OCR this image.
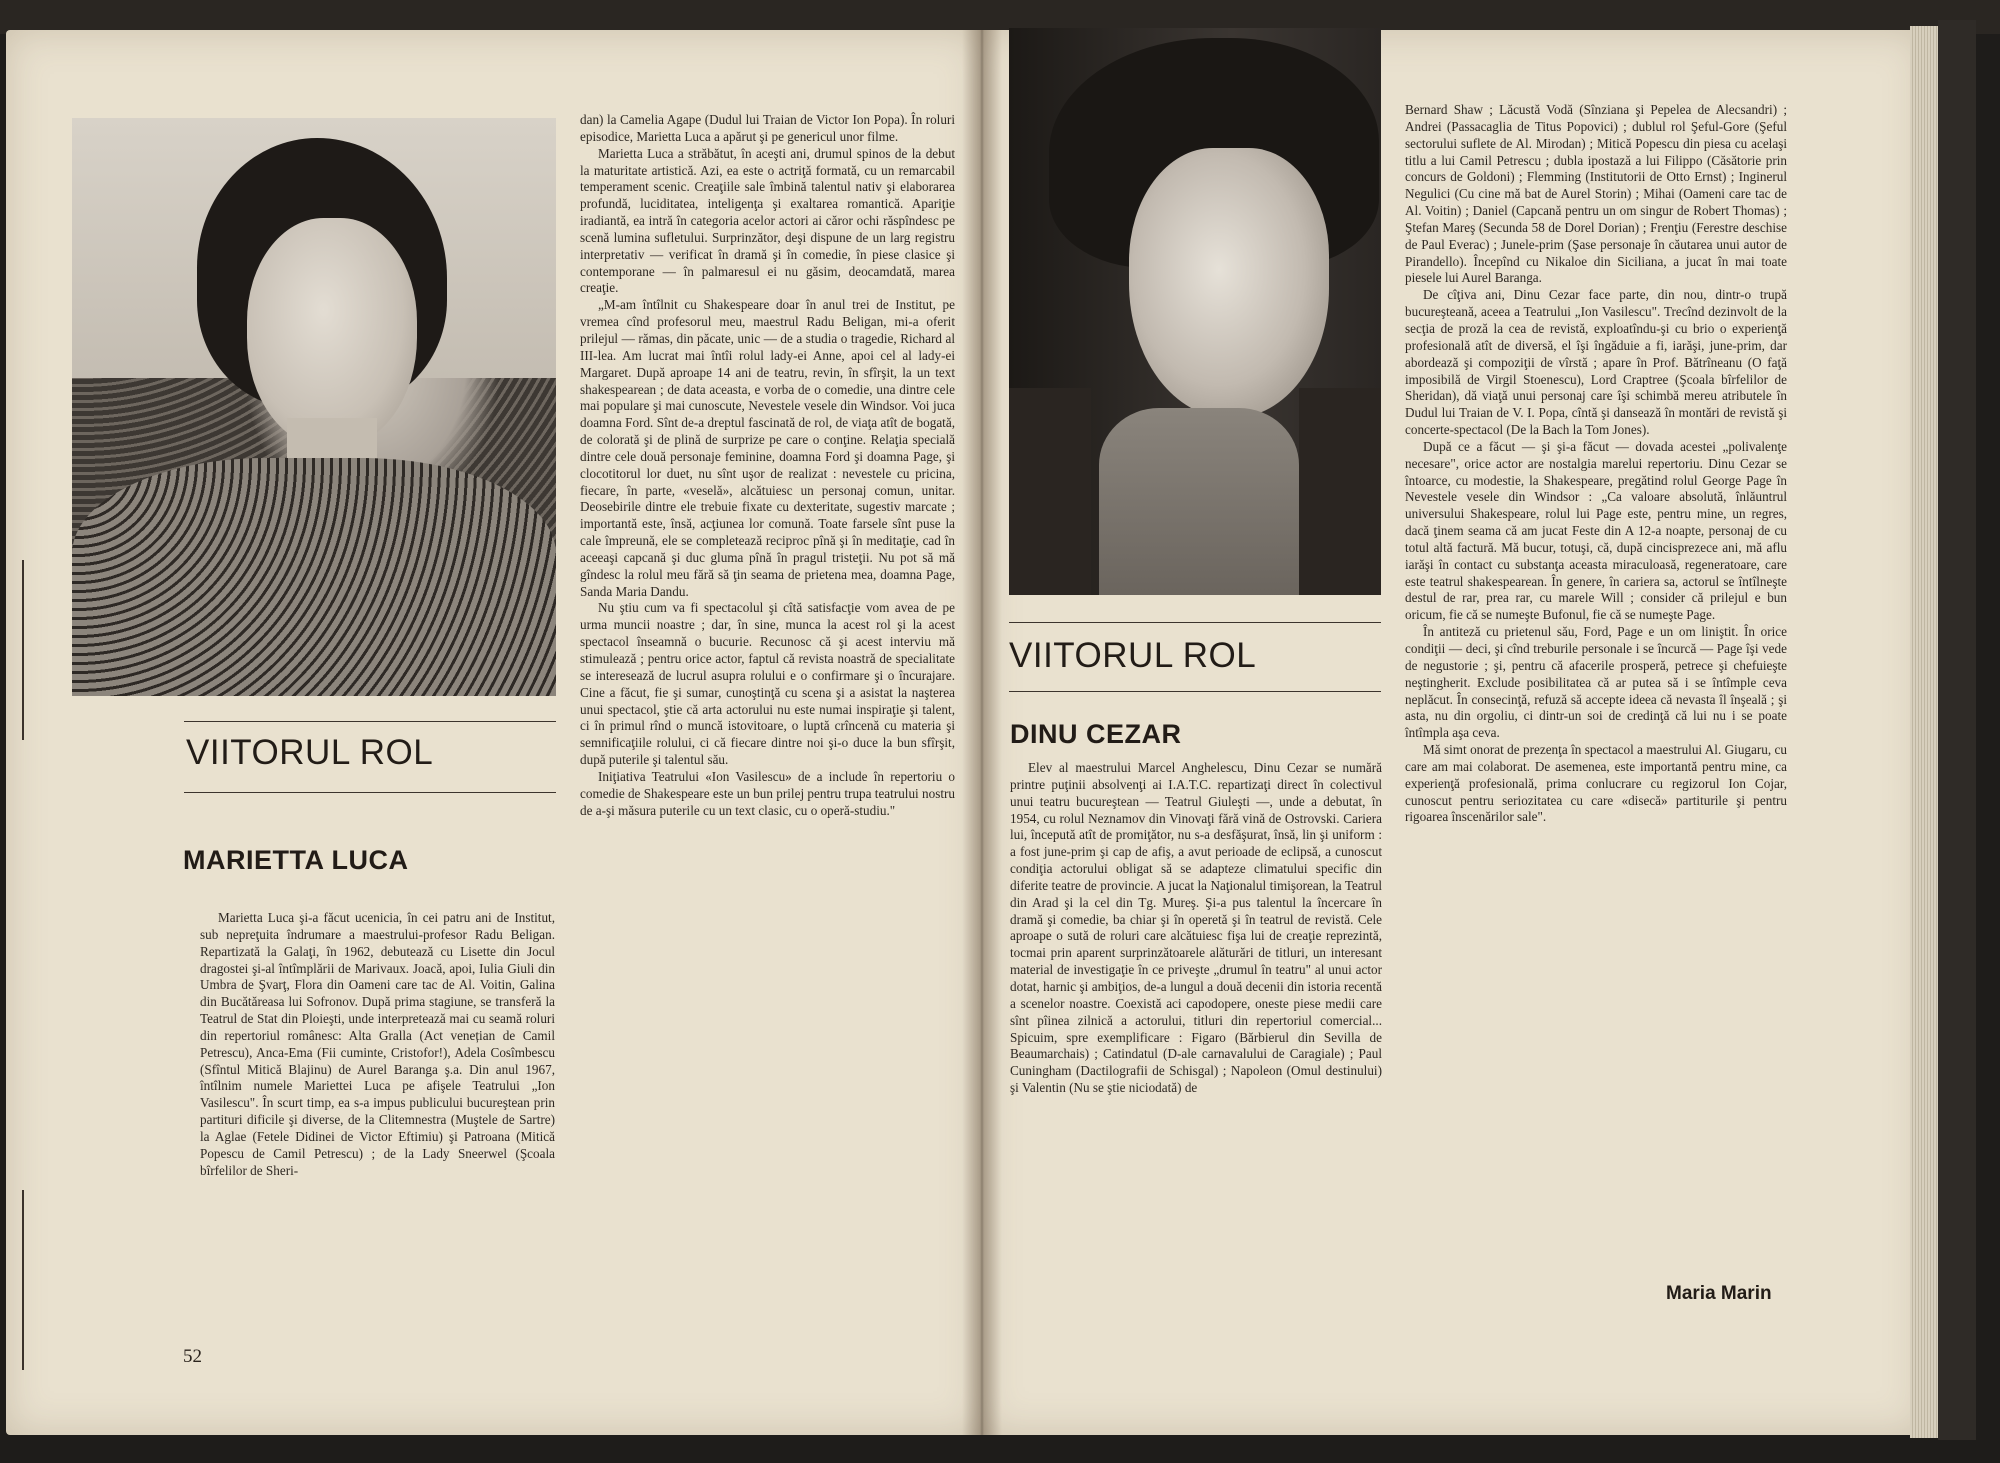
VIITORUL ROL
MARIETTA LUCA

Marietta Luca şi-a făcut ucenicia, în cei patru ani de Institut, sub nepreţuita îndrumare a maestrului-profesor Radu Beligan. Repartizată la Galaţi, în 1962, debutează cu Lisette din Jocul dragostei şi-al întîmplării de Marivaux. Joacă, apoi, Iulia Giuli din Umbra de Şvarţ, Flora din Oameni care tac de Al. Voitin, Galina din Bucătăreasa lui Sofronov. După prima stagiune, se transferă la Teatrul de Stat din Ploieşti, unde interpretează mai cu seamă roluri din repertoriul românesc: Alta Gralla (Act venețian de Camil Petrescu), Anca-Ema (Fii cuminte, Cristofor!), Adela Cosîmbescu (Sfîntul Mitică Blajinu) de Aurel Baranga ş.a. Din anul 1967, întîlnim numele Mariettei Luca pe afişele Teatrului „Ion Vasilescu". În scurt timp, ea s-a impus publicului bucureştean prin partituri dificile şi diverse, de la Clitemnestra (Muştele de Sartre) la Aglae (Fetele Didinei de Victor Eftimiu) şi Patroana (Mitică Popescu de Camil Petrescu) ; de la Lady Sneerwel (Şcoala bîrfelilor de Sheri-

dan) la Camelia Agape (Dudul lui Traian de Victor Ion Popa). În roluri episodice, Marietta Luca a apărut şi pe genericul unor filme.

Marietta Luca a străbătut, în aceşti ani, drumul spinos de la debut la maturitate artistică. Azi, ea este o actriţă formată, cu un remarcabil temperament scenic. Creaţiile sale îmbină talentul nativ şi elaborarea profundă, luciditatea, inteligenţa şi exaltarea romantică. Apariţie iradiantă, ea intră în categoria acelor actori ai căror ochi răspîndesc pe scenă lumina sufletului. Surprinzător, deşi dispune de un larg registru interpretativ — verificat în dramă şi în comedie, în piese clasice şi contemporane — în palmaresul ei nu găsim, deocamdată, marea creaţie.

„M-am întîlnit cu Shakespeare doar în anul trei de Institut, pe vremea cînd profesorul meu, maestrul Radu Beligan, mi-a oferit prilejul — rămas, din păcate, unic — de a studia o tragedie, Richard al III-lea. Am lucrat mai întîi rolul lady-ei Anne, apoi cel al lady-ei Margaret. După aproape 14 ani de teatru, revin, în sfîrşit, la un text shakespearean ; de data aceasta, e vorba de o comedie, una dintre cele mai populare şi mai cunoscute, Nevestele vesele din Windsor. Voi juca doamna Ford. Sînt de-a dreptul fascinată de rol, de viaţa atît de bogată, de colorată şi de plină de surprize pe care o conţine. Relaţia specială dintre cele două personaje feminine, doamna Ford şi doamna Page, şi clocotitorul lor duet, nu sînt uşor de realizat : nevestele cu pricina, fiecare, în parte, «veselă», alcătuiesc un personaj comun, unitar. Deosebirile dintre ele trebuie fixate cu dexteritate, sugestiv marcate ; importantă este, însă, acţiunea lor comună. Toate farsele sînt puse la cale împreună, ele se completează reciproc pînă şi în meditaţie, cad în aceeaşi capcană şi duc gluma pînă în pragul tristeţii. Nu pot să mă gîndesc la rolul meu fără să ţin seama de prietena mea, doamna Page, Sanda Maria Dandu.

Nu ştiu cum va fi spectacolul şi cîtă satisfacţie vom avea de pe urma muncii noastre ; dar, în sine, munca la acest rol şi la acest spectacol înseamnă o bucurie. Recunosc că şi acest interviu mă stimulează ; pentru orice actor, faptul că revista noastră de specialitate se interesează de lucrul asupra rolului e o confirmare şi o încurajare. Cine a făcut, fie şi sumar, cunoştinţă cu scena şi a asistat la naşterea unui spectacol, ştie că arta actorului nu este numai inspiraţie şi talent, ci în primul rînd o muncă istovitoare, o luptă crîncenă cu materia şi semnificaţiile rolului, ci că fiecare dintre noi şi-o duce la bun sfîrşit, după puterile şi talentul său.

Iniţiativa Teatrului «Ion Vasilescu» de a include în repertoriu o comedie de Shakespeare este un bun prilej pentru trupa teatrului nostru de a-şi măsura puterile cu un text clasic, cu o operă-studiu."

52
VIITORUL ROL
DINU CEZAR

Elev al maestrului Marcel Anghelescu, Dinu Cezar se numără printre puţinii absolvenţi ai I.A.T.C. repartizaţi direct în colectivul unui teatru bucureştean — Teatrul Giuleşti —, unde a debutat, în 1954, cu rolul Neznamov din Vinovaţi fără vină de Ostrovski. Cariera lui, începută atît de promiţător, nu s-a desfăşurat, însă, lin şi uniform : a fost june-prim şi cap de afiş, a avut perioade de eclipsă, a cunoscut condiţia actorului obligat să se adapteze climatului specific din diferite teatre de provincie. A jucat la Naţionalul timişorean, la Teatrul din Arad şi la cel din Tg. Mureş. Şi-a pus talentul la încercare în dramă şi comedie, ba chiar şi în operetă şi în teatrul de revistă. Cele aproape o sută de roluri care alcătuiesc fişa lui de creaţie reprezintă, tocmai prin aparent surprinzătoarele alăturări de titluri, un interesant material de investigaţie în ce priveşte „drumul în teatru" al unui actor dotat, harnic şi ambiţios, de-a lungul a două decenii din istoria recentă a scenelor noastre. Coexistă aci capodopere, oneste piese medii care sînt pîinea zilnică a actorului, titluri din repertoriul comercial... Spicuim, spre exemplificare : Figaro (Bărbierul din Sevilla de Beaumarchais) ; Catindatul (D-ale carnavalului de Caragiale) ; Paul Cuningham (Dactilografii de Schisgal) ; Napoleon (Omul destinului) şi Valentin (Nu se ştie niciodată) de

Bernard Shaw ; Lăcustă Vodă (Sînziana şi Pepelea de Alecsandri) ; Andrei (Passacaglia de Titus Popovici) ; dublul rol Şeful-Gore (Şeful sectorului suflete de Al. Mirodan) ; Mitică Popescu din piesa cu acelaşi titlu a lui Camil Petrescu ; dubla ipostază a lui Filippo (Căsătorie prin concurs de Goldoni) ; Flemming (Institutorii de Otto Ernst) ; Inginerul Negulici (Cu cine mă bat de Aurel Storin) ; Mihai (Oameni care tac de Al. Voitin) ; Daniel (Capcană pentru un om singur de Robert Thomas) ; Ştefan Mareş (Secunda 58 de Dorel Dorian) ; Frenţiu (Ferestre deschise de Paul Everac) ; Junele-prim (Şase personaje în căutarea unui autor de Pirandello). Începînd cu Nikaloe din Siciliana, a jucat în mai toate piesele lui Aurel Baranga.

De cîţiva ani, Dinu Cezar face parte, din nou, dintr-o trupă bucureşteană, aceea a Teatrului „Ion Vasilescu". Trecînd dezinvolt de la secţia de proză la cea de revistă, exploatîndu-şi cu brio o experienţă profesională atît de diversă, el îşi îngăduie a fi, iarăşi, june-prim, dar abordează şi compoziţii de vîrstă ; apare în Prof. Bătrîneanu (O faţă imposibilă de Virgil Stoenescu), Lord Craptree (Şcoala bîrfelilor de Sheridan), dă viaţă unui personaj care îşi schimbă mereu atributele în Dudul lui Traian de V. I. Popa, cîntă şi dansează în montări de revistă şi concerte-spectacol (De la Bach la Tom Jones).

După ce a făcut — şi şi-a făcut — dovada acestei „polivalenţe necesare", orice actor are nostalgia marelui repertoriu. Dinu Cezar se întoarce, cu modestie, la Shakespeare, pregătind rolul George Page în Nevestele vesele din Windsor : „Ca valoare absolută, înlăuntrul universului Shakespeare, rolul lui Page este, pentru mine, un regres, dacă ţinem seama că am jucat Feste din A 12-a noapte, personaj de cu totul altă factură. Mă bucur, totuşi, că, după cincisprezece ani, mă aflu iarăşi în contact cu substanţa aceasta miraculoasă, regeneratoare, care este teatrul shakespearean. În genere, în cariera sa, actorul se întîlneşte destul de rar, prea rar, cu marele Will ; consider că prilejul e bun oricum, fie că se numeşte Bufonul, fie că se numeşte Page.

În antiteză cu prietenul său, Ford, Page e un om liniştit. În orice condiţii — deci, şi cînd treburile personale i se încurcă — Page îşi vede de negustorie ; şi, pentru că afacerile prosperă, petrece şi chefuieşte neştingherit. Exclude posibilitatea că ar putea să i se întîmple ceva neplăcut. În consecinţă, refuză să accepte ideea că nevasta îl înşeală ; şi asta, nu din orgoliu, ci dintr-un soi de credinţă că lui nu i se poate întîmpla aşa ceva.

Mă simt onorat de prezenţa în spectacol a maestrului Al. Giugaru, cu care am mai colaborat. De asemenea, este importantă pentru mine, ca experienţă profesională, prima conlucrare cu regizorul Ion Cojar, cunoscut pentru seriozitatea cu care «disecă» partiturile şi pentru rigoarea înscenărilor sale".

Maria Marin
